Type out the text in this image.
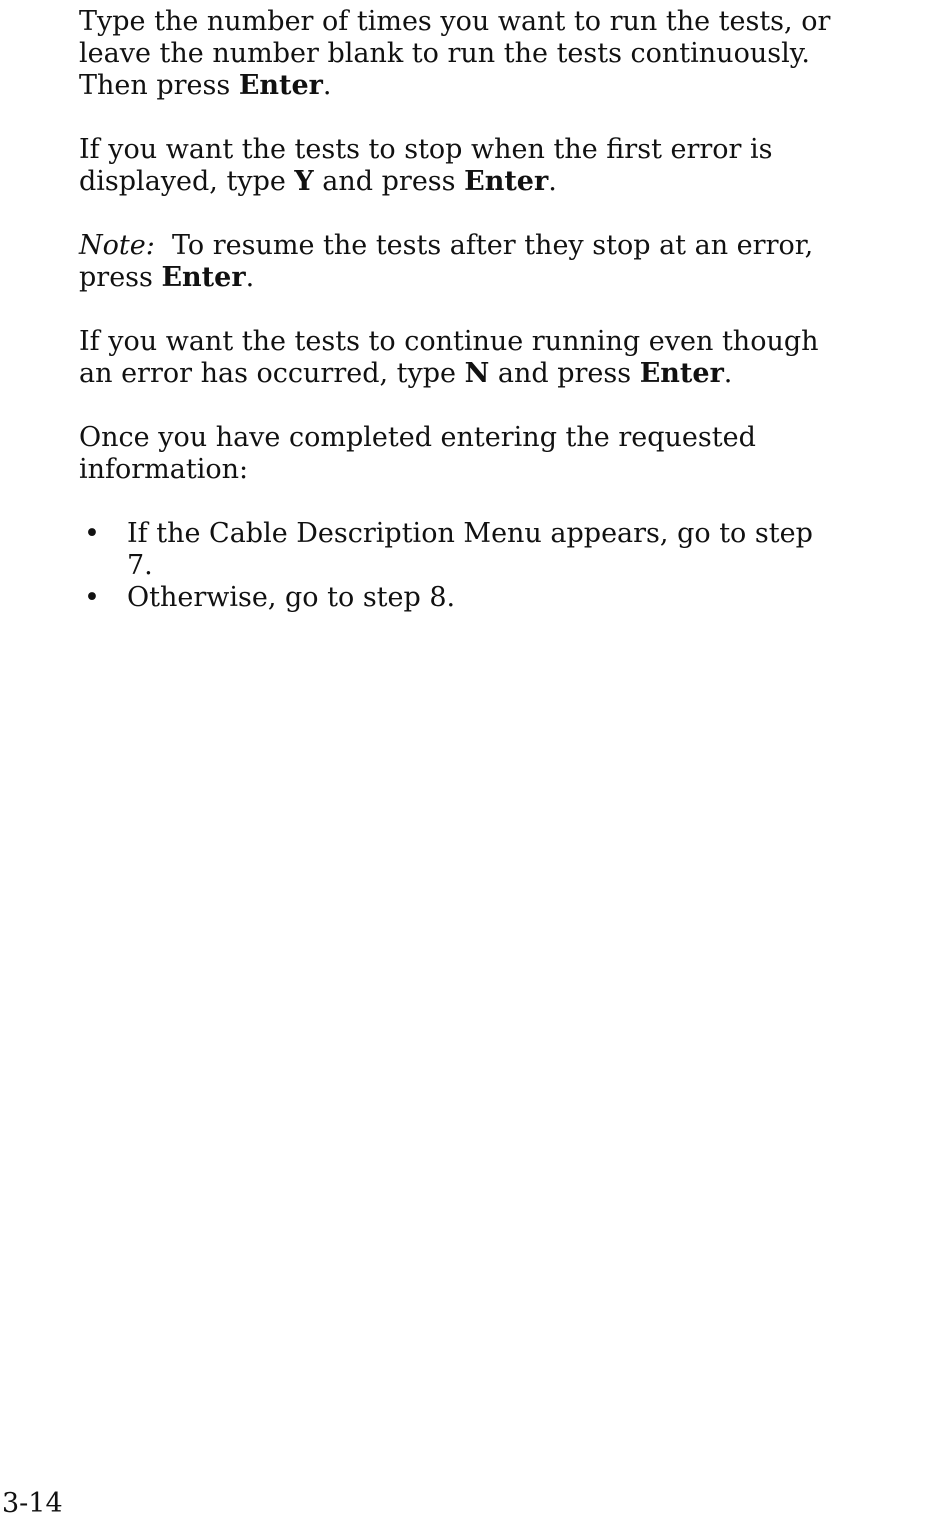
Type the number of times you want to run the tests, or

leave the number blank to run the tests continuously.

Then press Enter.

If you want the tests to stop when the first error is

displayed, type Y and press Enter.

Note:  To resume the tests after they stop at an error,

press Enter.

If you want the tests to continue running even though

an error has occurred, type N and press Enter.

Once you have completed entering the requested

information:

• If the Cable Description Menu appears, go to step
7.
• Otherwise, go to step 8.
3-14
